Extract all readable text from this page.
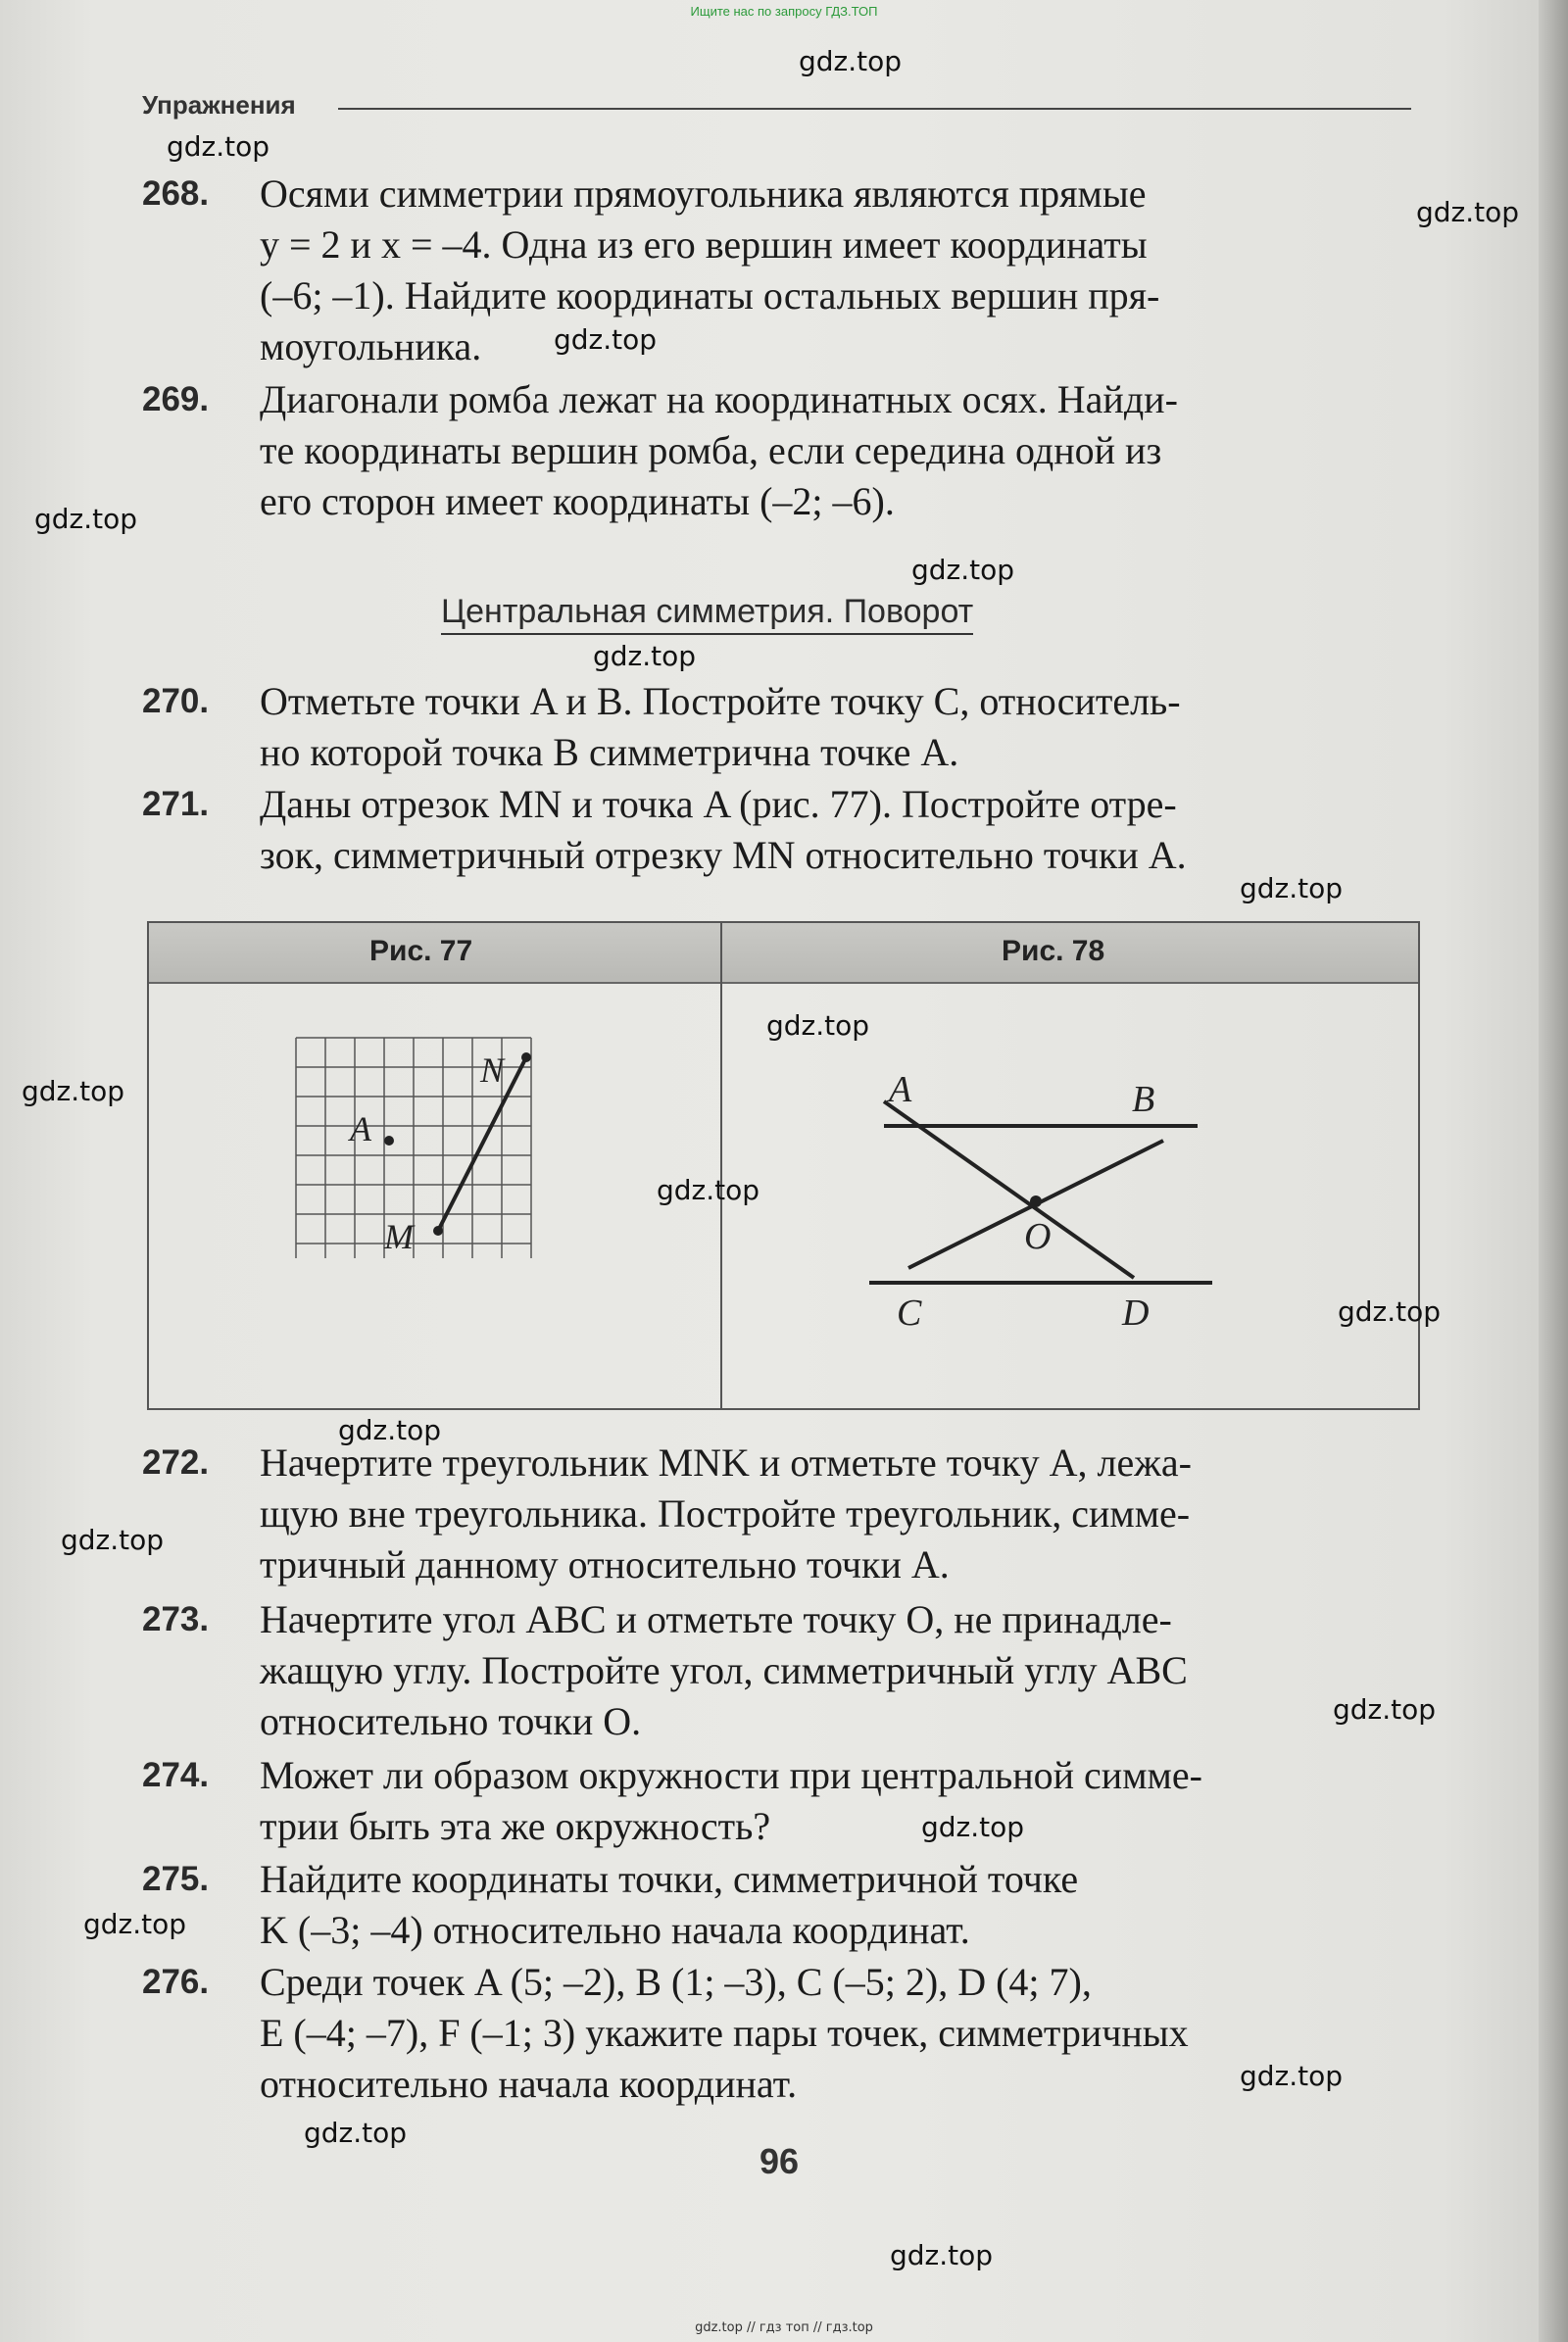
Ищите нас по запросу ГДЗ.ТОП
Упражнения
268. Осями симметрии прямоугольника являются прямые
y = 2 и x = –4. Одна из его вершин имеет координаты
(–6; –1). Найдите координаты остальных вершин пря-
моугольника.
269. Диагонали ромба лежат на координатных осях. Найди-
те координаты вершин ромба, если середина одной из
его сторон имеет координаты (–2; –6).
Центральная симметрия. Поворот
270. Отметьте точки A и B. Постройте точку C, относитель-
но которой точка B симметрична точке A.
271. Даны отрезок MN и точка A (рис. 77). Постройте отре-
зок, симметричный отрезку MN относительно точки A.
Рис. 77	Рис. 78
N
A
M
A	B
O
C	D
272. Начертите треугольник MNK и отметьте точку A, лежа-
щую вне треугольника. Постройте треугольник, симме-
тричный данному относительно точки A.
273. Начертите угол ABC и отметьте точку O, не принадле-
жащую углу. Постройте угол, симметричный углу ABC
относительно точки O.
274. Может ли образом окружности при центральной симме-
трии быть эта же окружность?
275. Найдите координаты точки, симметричной точке
K (–3; –4) относительно начала координат.
276. Среди точек A (5; –2), B (1; –3), C (–5; 2), D (4; 7),
E (–4; –7), F (–1; 3) укажите пары точек, симметричных
относительно начала координат.
96
gdz.top
gdz.top
gdz.top
gdz.top
gdz.top
gdz.top
gdz.top
gdz.top
gdz.top
gdz.top
gdz.top
gdz.top
gdz.top
gdz.top
gdz.top
gdz.top
gdz.top
gdz.top
gdz.top
gdz.top
gdz.top // гдз топ // гдз.top
